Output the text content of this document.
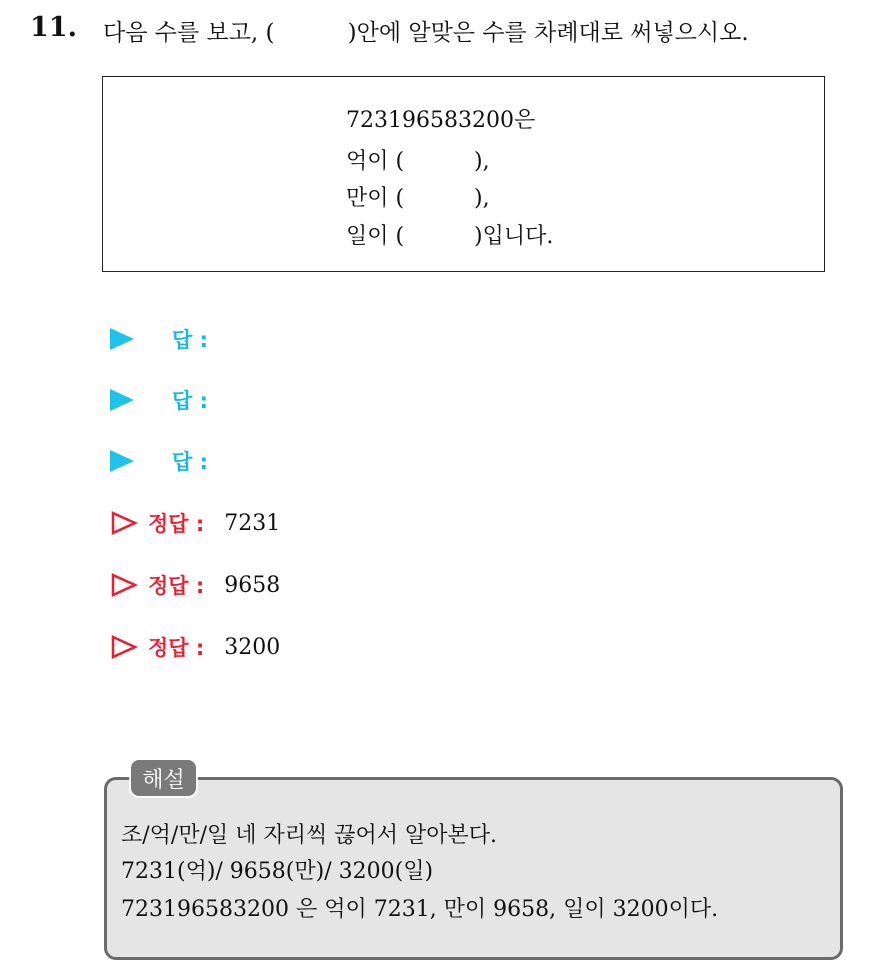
11. 다음 수를 보고, (          )안에 알맞은 수를 차례대로 써넣으시오.
723196583200은
억이 (          ),
만이 (          ),
일이 (          )입니다.
답 :
답 :
답 :
정답 : 7231
정답 : 9658
정답 : 3200
해설
조/억/만/일 네 자리씩 끊어서 알아본다.
7231(억)/ 9658(만)/ 3200(일)
723196583200 은 억이 7231, 만이 9658, 일이 3200이다.
